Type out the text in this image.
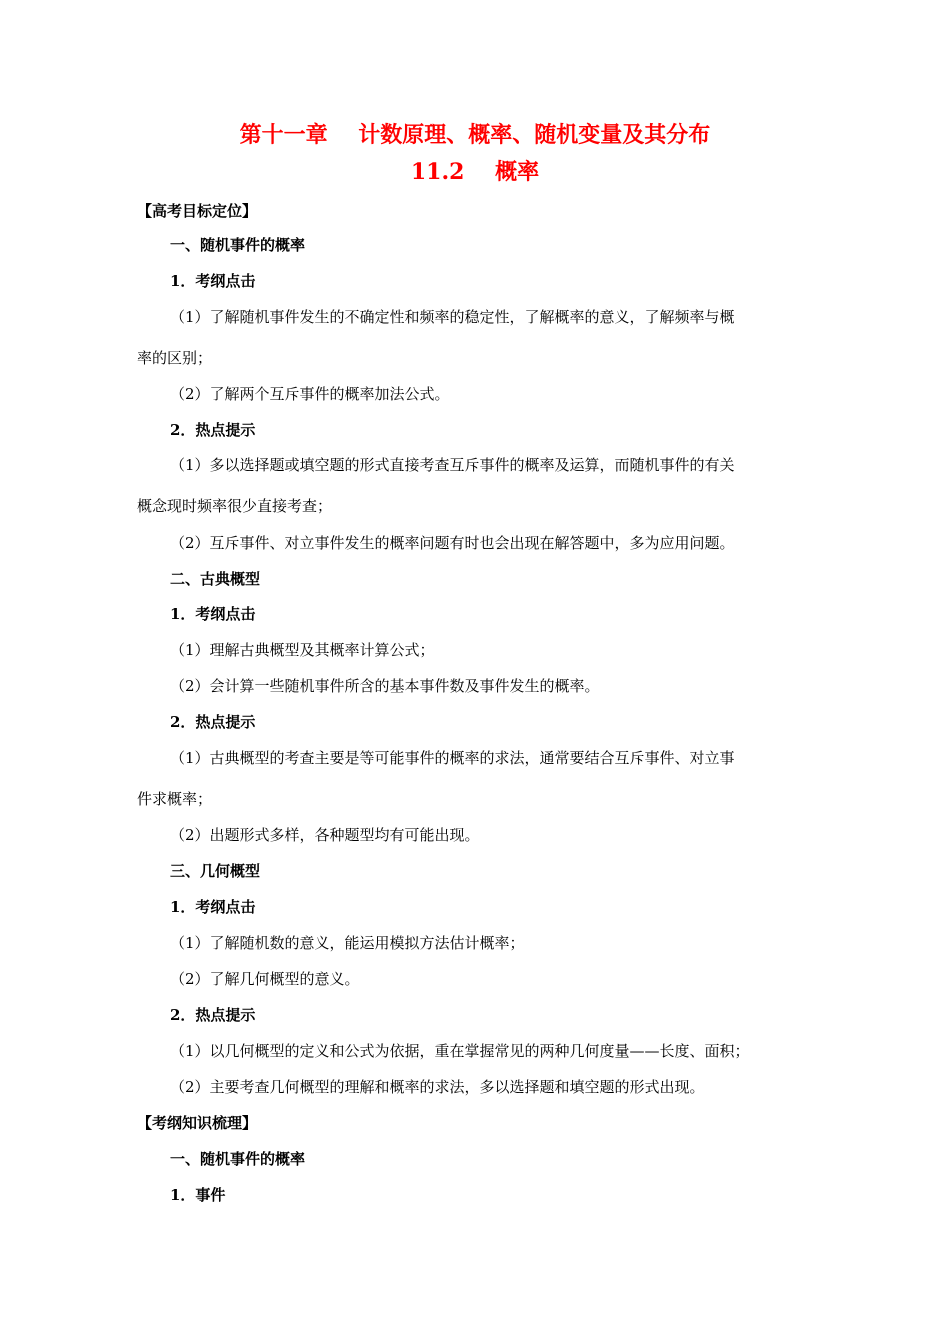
第十一章    计数原理、概率、随机变量及其分布
11.2    概率
【高考目标定位】
一、随机事件的概率
1．考纲点击
（1）了解随机事件发生的不确定性和频率的稳定性，了解概率的意义，了解频率与概
率的区别；
（2）了解两个互斥事件的概率加法公式。
2．热点提示
（1）多以选择题或填空题的形式直接考查互斥事件的概率及运算，而随机事件的有关
概念现时频率很少直接考查；
（2）互斥事件、对立事件发生的概率问题有时也会出现在解答题中，多为应用问题。
二、古典概型
1．考纲点击
（1）理解古典概型及其概率计算公式；
（2）会计算一些随机事件所含的基本事件数及事件发生的概率。
2．热点提示
（1）古典概型的考查主要是等可能事件的概率的求法，通常要结合互斥事件、对立事
件求概率；
（2）出题形式多样，各种题型均有可能出现。
三、几何概型
1．考纲点击
（1）了解随机数的意义，能运用模拟方法估计概率；
（2）了解几何概型的意义。
2．热点提示
（1）以几何概型的定义和公式为依据，重在掌握常见的两种几何度量——长度、面积；
（2）主要考查几何概型的理解和概率的求法，多以选择题和填空题的形式出现。
【考纲知识梳理】
一、随机事件的概率
1．事件
